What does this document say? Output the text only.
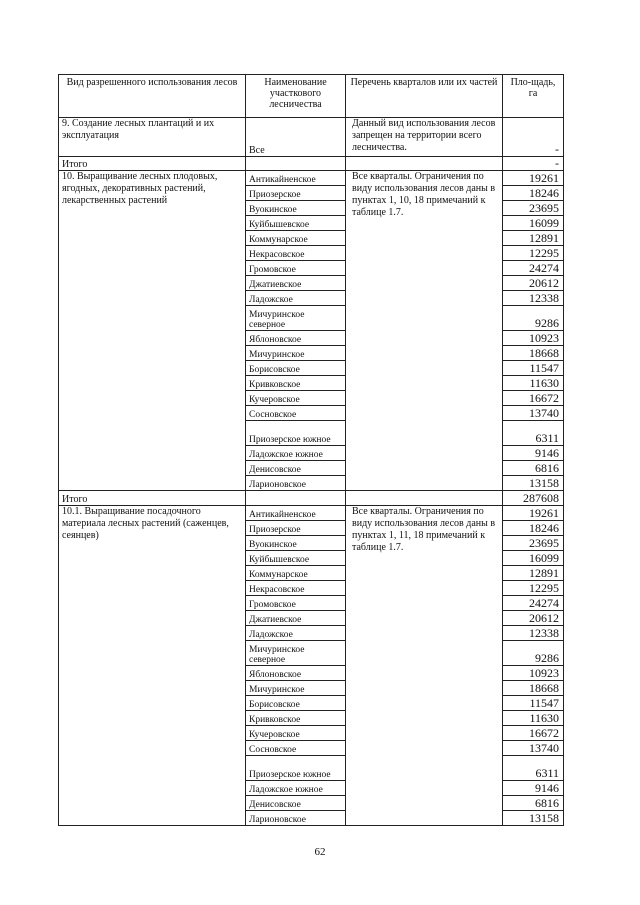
Вид разрешенного использования лесов	Наименование участкового лесничества	Перечень кварталов или их частей	Пло-щадь, га
9. Создание лесных плантаций и их эксплуатация	Все	Данный вид использования лесов запрещен на территории всего лесничества.	-
Итого			-
10. Выращивание лесных плодовых, ягодных, декоративных растений, лекарственных растений	Антикайненское	Все кварталы. Ограничения по виду использования лесов даны в пунктах 1, 10, 18 примечаний к таблице 1.7.	19261
	Приозерское		18246
	Вуокинское		23695
	Куйбышевское		16099
	Коммунарское		12891
	Некрасовское		12295
	Громовское		24274
	Джатиевское		20612
	Ладожское		12338
	Мичуринское северное		9286
	Яблоновское		10923
	Мичуринское		18668
	Борисовское		11547
	Кривковское		11630
	Кучеровское		16672
	Сосновское		13740
	Приозерское южное		6311
	Ладожское южное		9146
	Денисовское		6816
	Ларионовское		13158
Итого			287608
10.1. Выращивание посадочного материала лесных растений (саженцев, сеянцев)	Антикайненское	Все кварталы. Ограничения по виду использования лесов даны в пунктах 1, 11, 18 примечаний к таблице 1.7.	19261
	Приозерское		18246
	Вуокинское		23695
	Куйбышевское		16099
	Коммунарское		12891
	Некрасовское		12295
	Громовское		24274
	Джатиевское		20612
	Ладожское		12338
	Мичуринское северное		9286
	Яблоновское		10923
	Мичуринское		18668
	Борисовское		11547
	Кривковское		11630
	Кучеровское		16672
	Сосновское		13740
	Приозерское южное		6311
	Ладожское южное		9146
	Денисовское		6816
	Ларионовское		13158
62
